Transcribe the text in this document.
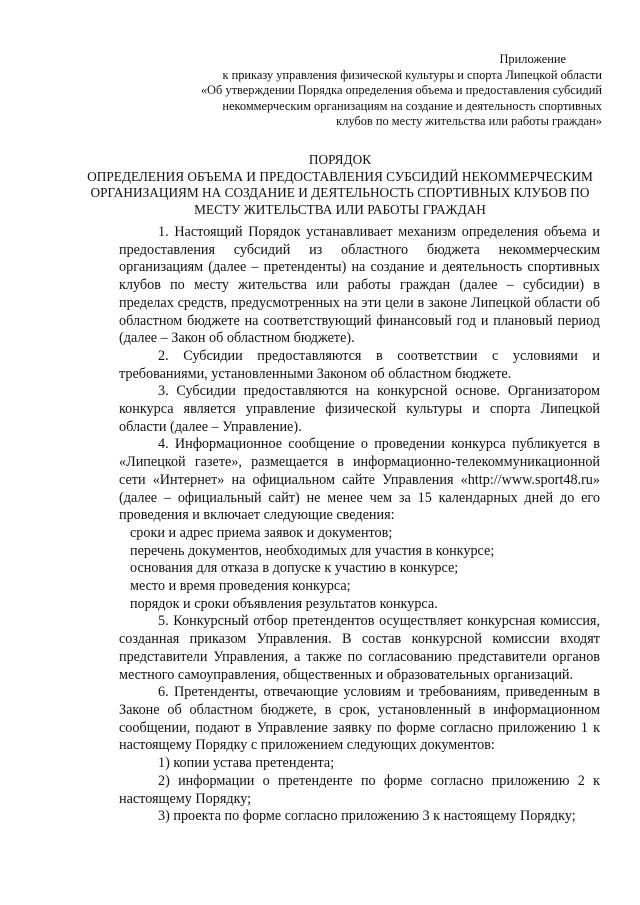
Приложение
к приказу управления физической культуры и спорта Липецкой области
«Об утверждении Порядка определения объема и предоставления субсидий
некоммерческим организациям на создание и деятельность спортивных
клубов по месту жительства или работы граждан»
ПОРЯДОК
ОПРЕДЕЛЕНИЯ ОБЪЕМА И ПРЕДОСТАВЛЕНИЯ СУБСИДИЙ НЕКОММЕРЧЕСКИМ
ОРГАНИЗАЦИЯМ НА СОЗДАНИЕ И ДЕЯТЕЛЬНОСТЬ СПОРТИВНЫХ КЛУБОВ ПО
МЕСТУ ЖИТЕЛЬСТВА ИЛИ РАБОТЫ ГРАЖДАН

1. Настоящий Порядок устанавливает механизм определения объема и предоставления субсидий из областного бюджета некоммерческим организациям (далее – претенденты) на создание и деятельность спортивных клубов по месту жительства или работы граждан (далее – субсидии) в пределах средств, предусмотренных на эти цели в законе Липецкой области об областном бюджете на соответствующий финансовый год и плановый период (далее – Закон об областном бюджете).

2. Субсидии предоставляются в соответствии с условиями и требованиями, установленными Законом об областном бюджете.

3. Субсидии предоставляются на конкурсной основе. Организатором конкурса является управление физической культуры и спорта Липецкой области (далее – Управление).

4. Информационное сообщение о проведении конкурса публикуется в «Липецкой газете», размещается в информационно-телекоммуникационной сети «Интернет» на официальном сайте Управления «http://www.sport48.ru» (далее – официальный сайт) не менее чем за 15 календарных дней до его проведения и включает следующие сведения:

сроки и адрес приема заявок и документов;

перечень документов, необходимых для участия в конкурсе;

основания для отказа в допуске к участию в конкурсе;

место и время проведения конкурса;

порядок и сроки объявления результатов конкурса.

5. Конкурсный отбор претендентов осуществляет конкурсная комиссия, созданная приказом Управления. В состав конкурсной комиссии входят представители Управления, а также по согласованию представители органов местного самоуправления, общественных и образовательных организаций.

6. Претенденты, отвечающие условиям и требованиям, приведенным в Законе об областном бюджете, в срок, установленный в информационном сообщении, подают в Управление заявку по форме согласно приложению 1 к настоящему Порядку с приложением следующих документов:

1) копии устава претендента;

2) информации о претенденте по форме согласно приложению 2 к настоящему Порядку;

3) проекта по форме согласно приложению 3 к настоящему Порядку;
